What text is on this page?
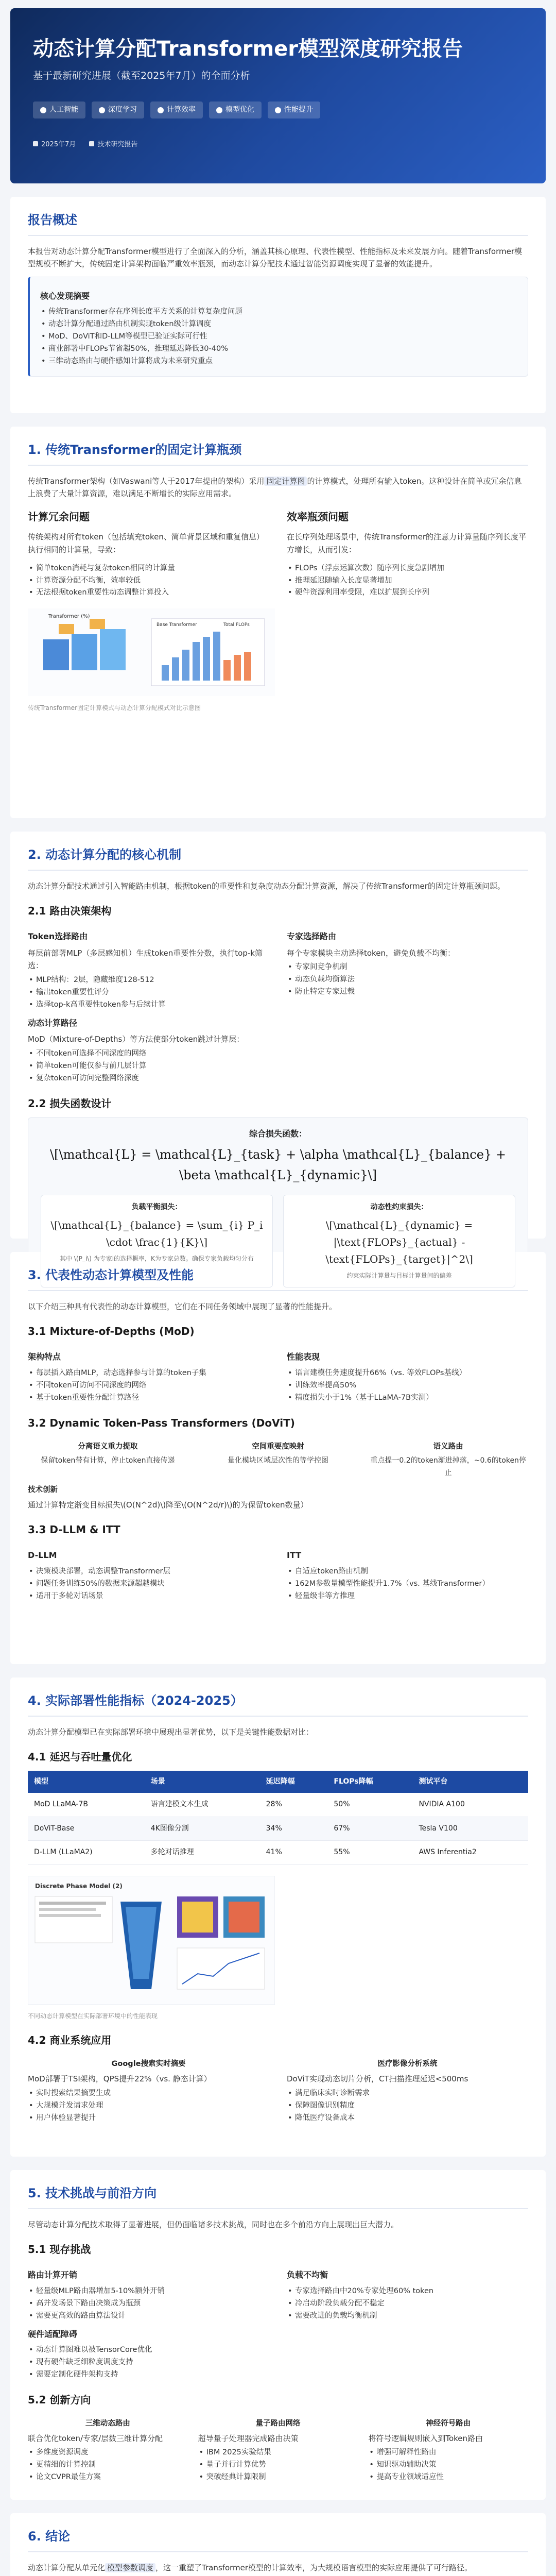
动态计算分配Transformer模型深度研究报告
基于最新研究进展（截至2025年7月）的全面分析
人工智能	深度学习	计算效率	模型优化	性能提升
2025年7月	技术研究报告
报告概述

本报告对动态计算分配Transformer模型进行了全面深入的分析，涵盖其核心原理、代表性模型、性能指标及未来发展方向。随着Transformer模型规模不断扩大，传统固定计算架构面临严重效率瓶颈，而动态计算分配技术通过智能资源调度实现了显著的效能提升。

核心发现摘要
• 传统Transformer存在序列长度平方关系的计算复杂度问题
• 动态计算分配通过路由机制实现token级计算调度
• MoD、DoViT和D-LLM等模型已验证实际可行性
• 商业部署中FLOPs节省超50%，推理延迟降低30-40%
• 三维动态路由与硬件感知计算将成为未来研究重点
1. 传统Transformer的固定计算瓶颈

传统Transformer架构（如Vaswani等人于2017年提出的架构）采用 固定计算图 的计算模式，处理所有输入token。这种设计在简单或冗余信息上浪费了大量计算资源，难以满足不断增长的实际应用需求。

计算冗余问题

传统架构对所有token（包括填充token、简单背景区域和重复信息）执行相同的计算量，导致：

• 简单token消耗与复杂token相同的计算量
• 计算资源分配不均衡，效率较低
• 无法根据token重要性动态调整计算投入
效率瓶颈问题

在长序列处理场景中，传统Transformer的注意力计算量随序列长度平方增长，从而引发：

• FLOPs（浮点运算次数）随序列长度急剧增加
• 推理延迟随输入长度显著增加
• 硬件资源利用率受限，难以扩展到长序列
Transformer (%)
Base Transformer	Total FLOPs
传统Transformer固定计算模式与动态计算分配模式对比示意图
2. 动态计算分配的核心机制

动态计算分配技术通过引入智能路由机制，根据token的重要性和复杂度动态分配计算资源，解决了传统Transformer的固定计算瓶颈问题。

2.1 路由决策架构
Token选择路由

每层前部署MLP（多层感知机）生成token重要性分数，执行top-k筛选：

• MLP结构：2层，隐藏维度128-512
• 输出token重要性评分
• 选择top-k高重要性token参与后续计算
专家选择路由

每个专家模块主动选择token，避免负载不均衡：

• 专家间竞争机制
• 动态负载均衡算法
• 防止特定专家过载
动态计算路径

MoD（Mixture-of-Depths）等方法使部分token跳过计算层：

• 不同token可选择不同深度的网络
• 简单token可能仅参与前几层计算
• 复杂token可访问完整网络深度
2.2 损失函数设计
综合损失函数：
\[\mathcal{L} = \mathcal{L}_{task} + \alpha \mathcal{L}_{balance} + \beta \mathcal{L}_{dynamic}\]
负载平衡损失：
\[\mathcal{L}_{balance} = \sum_{i} P_i \cdot \frac{1}{K}\]
其中 \(P_i\) 为专家i的选择概率，K为专家总数。确保专家负载均匀分布
动态性约束损失：
\[\mathcal{L}_{dynamic} = |\text{FLOPs}_{actual} - \text{FLOPs}_{target}|^2\]
约束实际计算量与目标计算量间的偏差
3. 代表性动态计算模型及性能

以下介绍三种具有代表性的动态计算模型，它们在不同任务领域中展现了显著的性能提升。

3.1 Mixture-of-Depths (MoD)
架构特点
• 每层插入路由MLP，动态选择参与计算的token子集
• 不同token可访问不同深度的网络
• 基于token重要性分配计算路径
性能表现
• 语言建模任务速度提升66%（vs. 等效FLOPs基线）
• 训练效率提高50%
• 精度损失小于1%（基于LLaMA-7B实测）
3.2 Dynamic Token-Pass Transformers (DoViT)
分离语义重力提取
保留token带有计算，停止token直接传递
空间重要度映射
量化模块区域层次性的等学控图
语义路由
重点提一0.2的token渐进掉落，~0.6的token停止
技术创新

通过计算特定渐变目标损失\(O(N^2d)\)降至\(O(N^2d/r)\)的为保留token数量）

3.3 D-LLM & ITT
D-LLM
• 决策模块部署，动态调整Transformer层
• 问题任务训练50%的数据来源超越模块
• 适用于多轮对话场景
ITT
• 自适应token路由机制
• 162M参数量模型性能提升1.7%（vs. 基线Transformer）
• 轻量级非等方推理
4. 实际部署性能指标（2024-2025）

动态计算分配模型已在实际部署环境中展现出显著优势，以下是关键性能数据对比：

4.1 延迟与吞吐量优化
模型	场景	延迟降幅	FLOPs降幅	测试平台
MoD LLaMA-7B	语言建模文本生成	28%	50%	NVIDIA A100
DoViT-Base	4K图像分割	34%	67%	Tesla V100
D-LLM (LLaMA2)	多轮对话推理	41%	55%	AWS Inferentia2
Discrete Phase Model (2)
不同动态计算模型在实际部署环境中的性能表现
4.2 商业系统应用
Google搜索实时摘要

MoD部署于TSI架构，QPS提升22%（vs. 静态计算）

• 实时搜索结果摘要生成
• 大规模并发请求处理
• 用户体验显著提升
医疗影像分析系统

DoViT实现动态切片分析，CT扫描推理延迟<500ms

• 满足临床实时诊断需求
• 保障图像识别精度
• 降低医疗设备成本
5. 技术挑战与前沿方向

尽管动态计算分配技术取得了显著进展，但仍面临诸多技术挑战，同时也在多个前沿方向上展现出巨大潜力。

5.1 现存挑战
路由计算开销
• 轻量级MLP路由器增加5-10%额外开销
• 高并发场景下路由决策成为瓶颈
• 需要更高效的路由算法设计
负载不均衡
• 专家选择路由中20%专家处理60% token
• 冷启动阶段负载分配不稳定
• 需要改进的负载均衡机制
硬件适配障碍
• 动态计算图难以被TensorCore优化
• 现有硬件缺乏细粒度调度支持
• 需要定制化硬件架构支持
5.2 创新方向
三维动态路由

联合优化token/专家/层数三维计算分配

• 多维度资源调度
• 更精细的计算控制
• 论文CVPR最佳方案
量子路由网络

超导量子处理器完成路由决策

• IBM 2025实验结果
• 量子并行计算优势
• 突破经典计算限制
神经符号路由

将符号逻辑规则嵌入到Token路由

• 增强可解释性路由
• 知识驱动辅助决策
• 提高专业领域适应性
6. 结论

动态计算分配从单元化 模型参数调度 ，这一重塑了Transformer模型的计算效率，为大规模语言模型的实际应用提供了可行路径。
